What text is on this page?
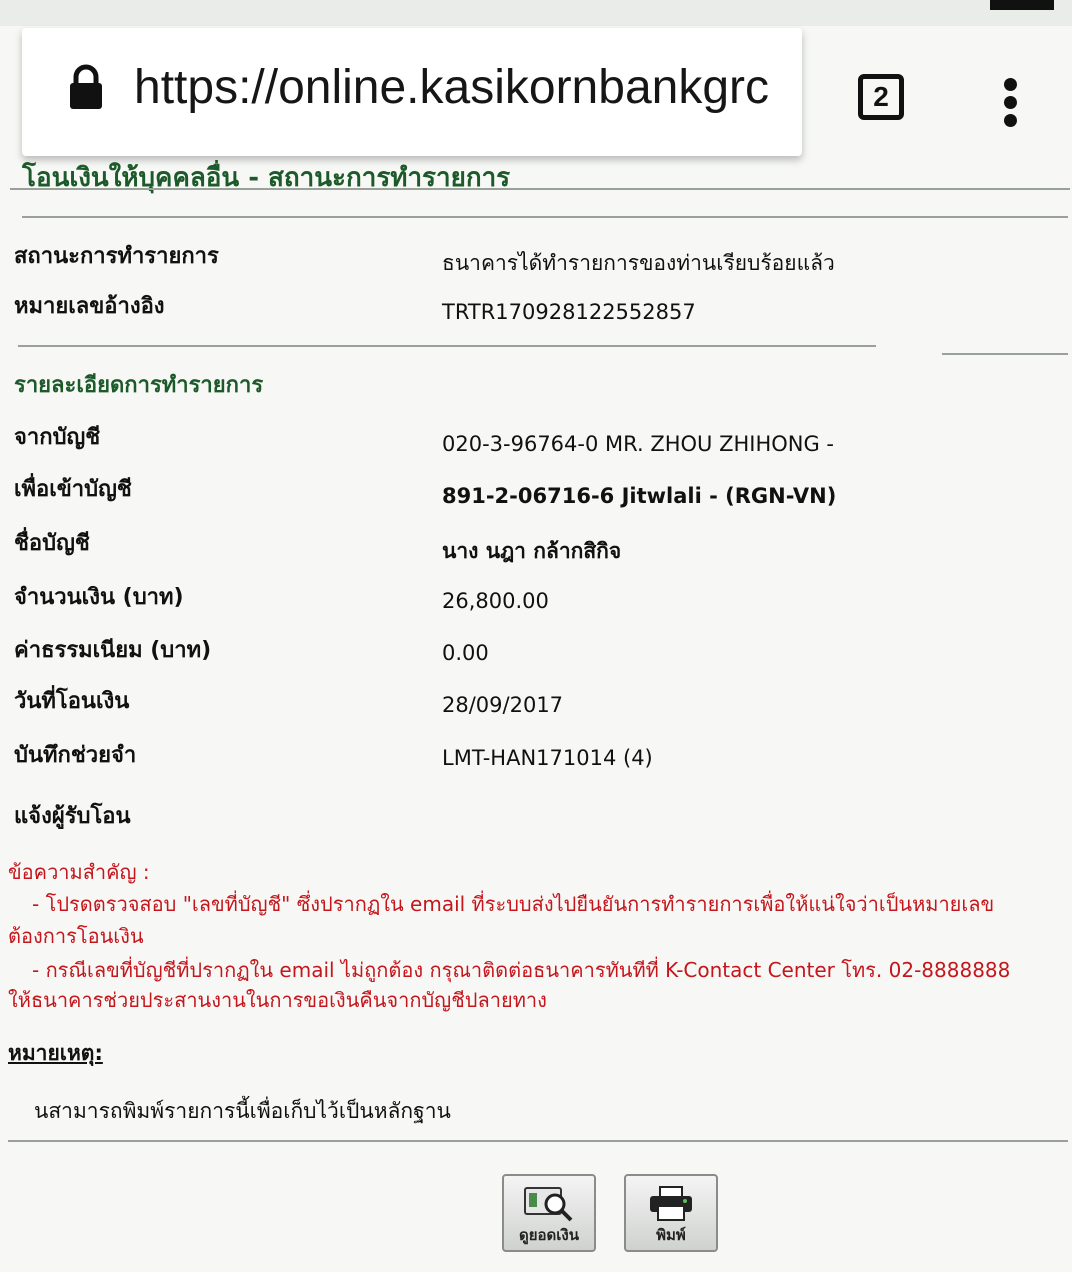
https://online.kasikornbankgrc	2
โอนเงินให้บุคคลอื่น - สถานะการทำรายการ
สถานะการทำรายการ	ธนาคารได้ทำรายการของท่านเรียบร้อยแล้ว
หมายเลขอ้างอิง	TRTR170928122552857
รายละเอียดการทำรายการ
จากบัญชี	020-3-96764-0 MR. ZHOU ZHIHONG -
เพื่อเข้าบัญชี	891-2-06716-6 Jitwlali - (RGN-VN)
ชื่อบัญชี	นาง นฎา กล้ากสิกิจ
จำนวนเงิน (บาท)	26,800.00
ค่าธรรมเนียม (บาท)	0.00
วันที่โอนเงิน	28/09/2017
บันทึกช่วยจำ	LMT-HAN171014 (4)
แจ้งผู้รับโอน
ข้อความสำคัญ :
- โปรดตรวจสอบ "เลขที่บัญชี" ซึ่งปรากฏใน email ที่ระบบส่งไปยืนยันการทำรายการเพื่อให้แน่ใจว่าเป็นหมายเลข
ต้องการโอนเงิน
- กรณีเลขที่บัญชีที่ปรากฏใน email ไม่ถูกต้อง กรุณาติดต่อธนาคารทันทีที่ K-Contact Center โทร. 02-8888888
ให้ธนาคารช่วยประสานงานในการขอเงินคืนจากบัญชีปลายทาง
หมายเหตุ:
นสามารถพิมพ์รายการนี้เพื่อเก็บไว้เป็นหลักฐาน
ดูยอดเงิน	พิมพ์
